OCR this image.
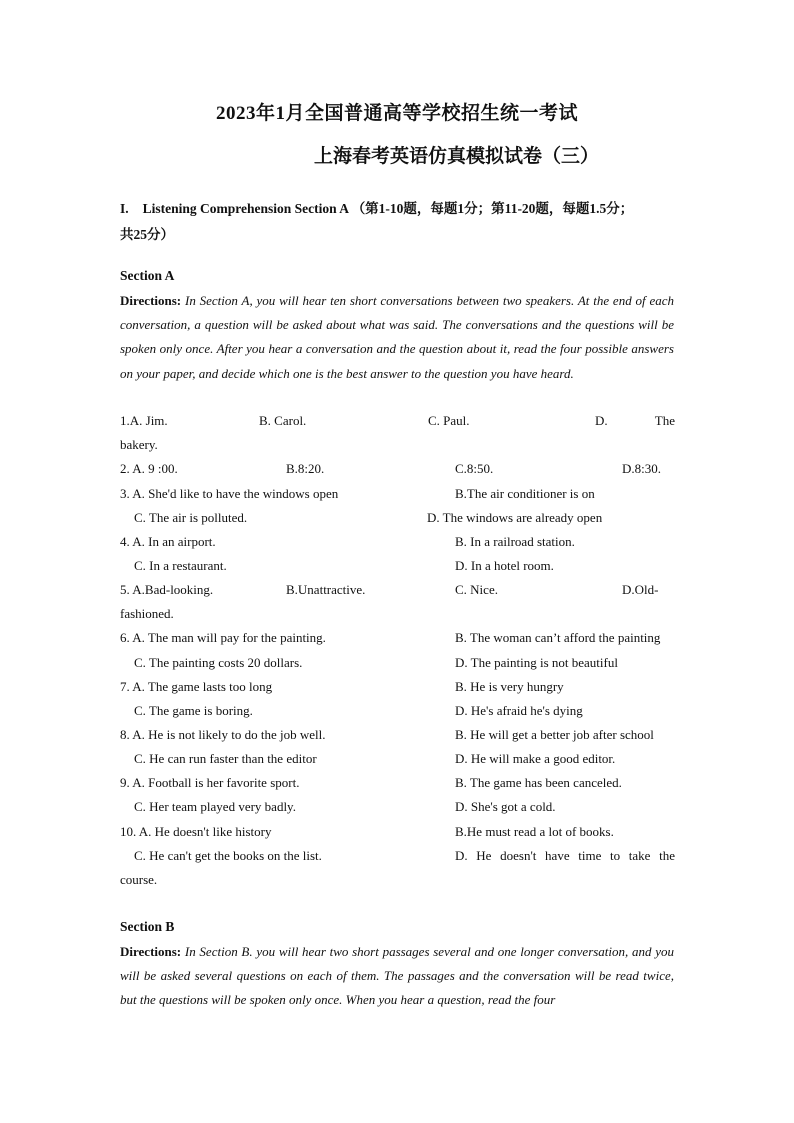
2023年1月全国普通高等学校招生统一考试
上海春考英语仿真模拟试卷（三）
I. Listening Comprehension Section A （第1-10题，每题1分；第11-20题，每题1.5分；
共25分）
Section A
Directions: In Section A, you will hear ten short conversations between two speakers. At the end of each conversation, a question will be asked about what was said. The conversations and the questions will be spoken only once. After you hear a conversation and the question about it, read the four possible answers on your paper, and decide which one is the best answer to the question you have heard.
1.A. Jim.	B. Carol.	C. Paul.	D.	The
bakery.
2. A. 9 :00.	B.8:20.	C.8:50.	D.8:30.
3. A. She'd like to have the windows open	B.The air conditioner is on
C. The air is polluted.	D. The windows are already open
4. A. In an airport.	B. In a railroad station.
C. In a restaurant.	D. In a hotel room.
5. A.Bad-looking.	B.Unattractive.	C. Nice.	D.Old-
fashioned.
6. A. The man will pay for the painting.	B. The woman can’t afford the painting
C. The painting costs 20 dollars.	D. The painting is not beautiful
7. A. The game lasts too long	B. He is very hungry
C. The game is boring.	D. He's afraid he's dying
8. A. He is not likely to do the job well.	B. He will get a better job after school
C. He can run faster than the editor	D. He will make a good editor.
9. A. Football is her favorite sport.	B. The game has been canceled.
C. Her team played very badly.	D. She's got a cold.
10. A. He doesn't like history	B.He must read a lot of books.
C. He can't get the books on the list.	D. He doesn't have time to take the
course.
Section B
Directions: In Section B. you will hear two short passages several and one longer conversation, and you will be asked several questions on each of them. The passages and the conversation will be read twice, but the questions will be spoken only once. When you hear a question, read the four
